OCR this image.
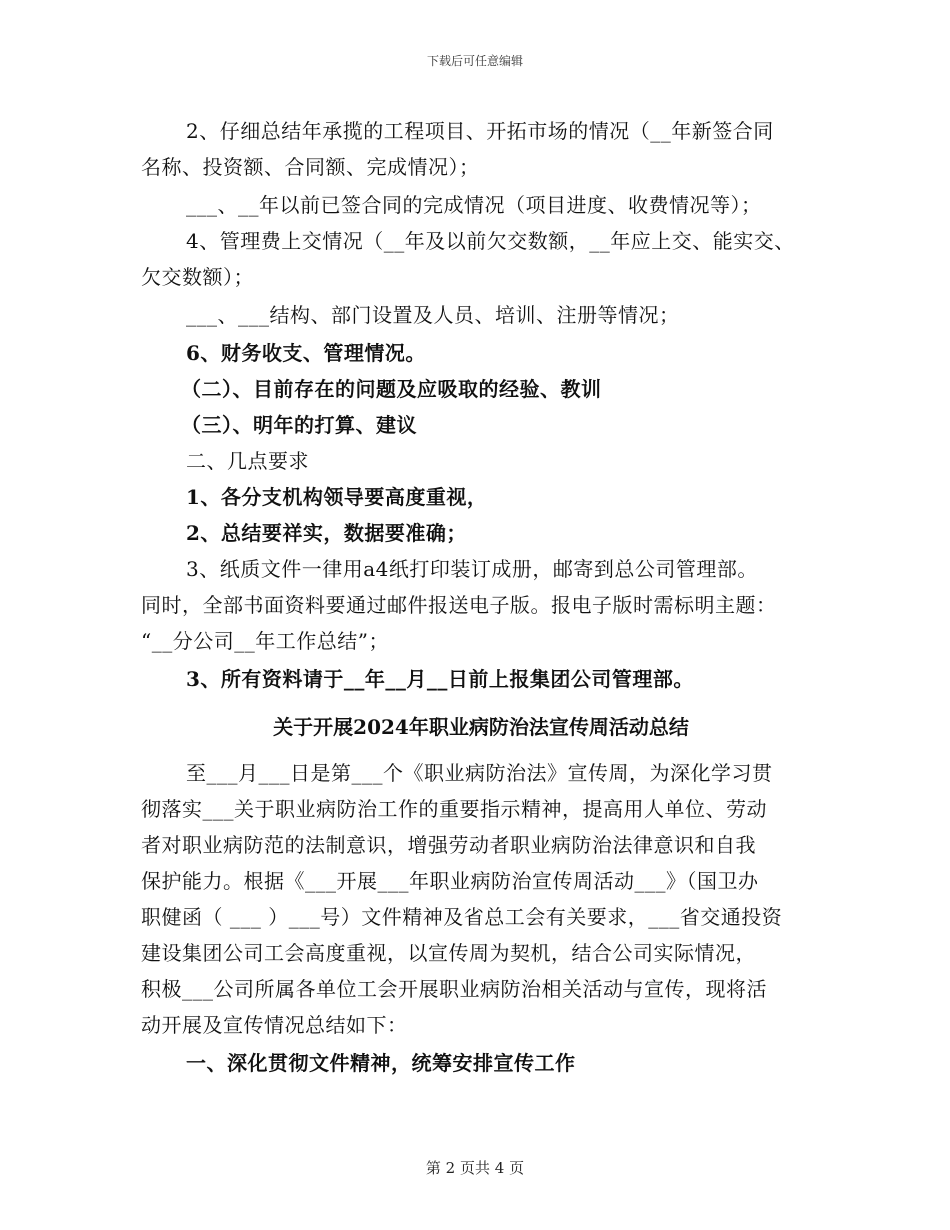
下载后可任意编辑

2、仔细总结年承揽的工程项目、开拓市场的情况（__年新签合同

名称、投资额、合同额、完成情况）；

___、__年以前已签合同的完成情况（项目进度、收费情况等）；

4、管理费上交情况（__年及以前欠交数额，__年应上交、能实交、

欠交数额）；

___、___结构、部门设置及人员、培训、注册等情况；

6、财务收支、管理情况。

（二）、目前存在的问题及应吸取的经验、教训

（三）、明年的打算、建议

二、几点要求

1、各分支机构领导要高度重视，

2、总结要祥实，数据要准确；

3、纸质文件一律用a4纸打印装订成册，邮寄到总公司管理部。

同时，全部书面资料要通过邮件报送电子版。报电子版时需标明主题：

“__分公司__年工作总结”；

3、所有资料请于__年__月__日前上报集团公司管理部。

关于开展2024年职业病防治法宣传周活动总结

至___月___日是第___个《职业病防治法》宣传周，为深化学习贯

彻落实___关于职业病防治工作的重要指示精神，提高用人单位、劳动

者对职业病防范的法制意识，增强劳动者职业病防治法律意识和自我

保护能力。根据《___开展___年职业病防治宣传周活动___》（国卫办

职健函（ ___ ）___号）文件精神及省总工会有关要求，___省交通投资

建设集团公司工会高度重视，以宣传周为契机，结合公司实际情况，

积极___公司所属各单位工会开展职业病防治相关活动与宣传，现将活

动开展及宣传情况总结如下：

一、深化贯彻文件精神，统筹安排宣传工作

第 2 页共 4 页
